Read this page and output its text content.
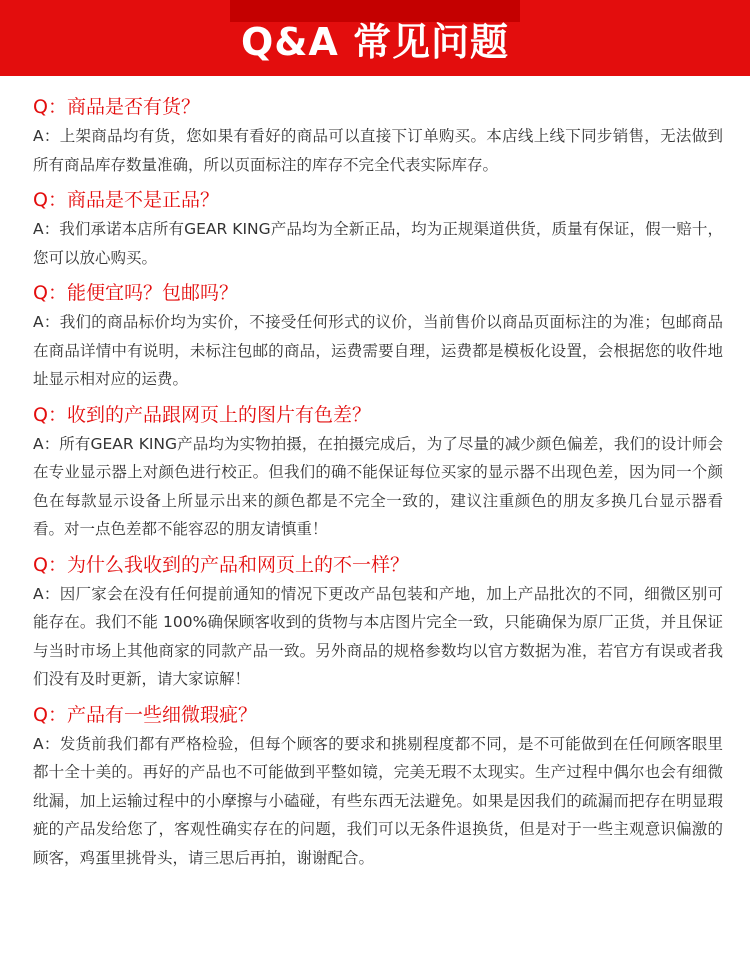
Q&A 常见问题
Q：商品是否有货？
A：上架商品均有货，您如果有看好的商品可以直接下订单购买。本店线上线下同步销售，无法做到所有商品库存数量准确，所以页面标注的库存不完全代表实际库存。
Q：商品是不是正品？
A：我们承诺本店所有GEAR KING产品均为全新正品，均为正规渠道供货，质量有保证，假一赔十，您可以放心购买。
Q：能便宜吗？包邮吗？
A：我们的商品标价均为实价，不接受任何形式的议价，当前售价以商品页面标注的为准；包邮商品在商品详情中有说明，未标注包邮的商品，运费需要自理，运费都是模板化设置，会根据您的收件地址显示相对应的运费。
Q：收到的产品跟网页上的图片有色差？
A：所有GEAR KING产品均为实物拍摄，在拍摄完成后，为了尽量的减少颜色偏差，我们的设计师会在专业显示器上对颜色进行校正。但我们的确不能保证每位买家的显示器不出现色差，因为同一个颜色在每款显示设备上所显示出来的颜色都是不完全一致的，建议注重颜色的朋友多换几台显示器看看。对一点色差都不能容忍的朋友请慎重！
Q：为什么我收到的产品和网页上的不一样？
A：因厂家会在没有任何提前通知的情况下更改产品包装和产地，加上产品批次的不同，细微区别可能存在。我们不能 100%确保顾客收到的货物与本店图片完全一致，只能确保为原厂正货，并且保证与当时市场上其他商家的同款产品一致。另外商品的规格参数均以官方数据为准，若官方有误或者我们没有及时更新，请大家谅解！
Q：产品有一些细微瑕疵？
A：发货前我们都有严格检验，但每个顾客的要求和挑剔程度都不同，是不可能做到在任何顾客眼里都十全十美的。再好的产品也不可能做到平整如镜，完美无瑕不太现实。生产过程中偶尔也会有细微纰漏，加上运输过程中的小摩擦与小磕碰，有些东西无法避免。如果是因我们的疏漏而把存在明显瑕疵的产品发给您了，客观性确实存在的问题，我们可以无条件退换货，但是对于一些主观意识偏激的顾客，鸡蛋里挑骨头，请三思后再拍，谢谢配合。
